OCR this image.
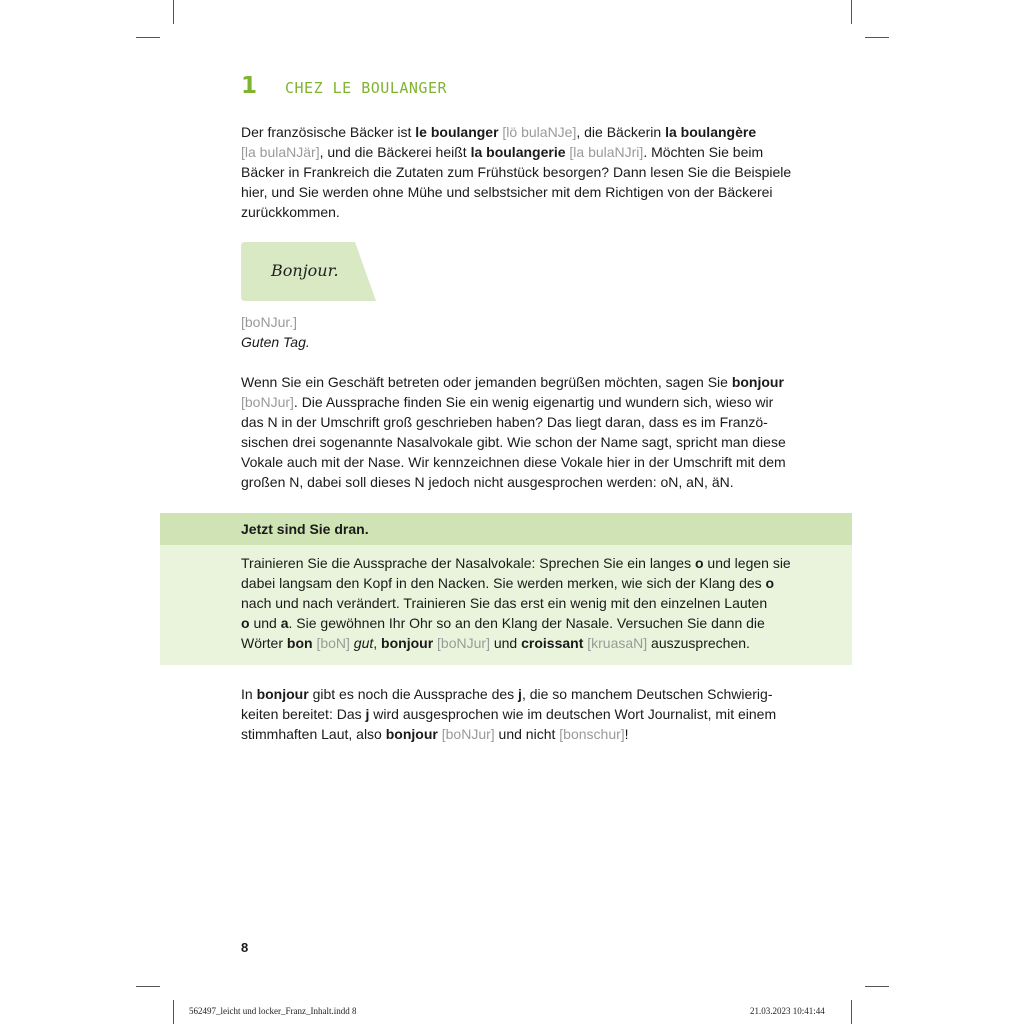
1	CHEZ LE BOULANGER

Der französische Bäcker ist le boulanger [lö bulaNJe], die Bäckerin la boulangère

[la bulaNJär], und die Bäckerei heißt la boulangerie [la bulaNJri]. Möchten Sie beim

Bäcker in Frankreich die Zutaten zum Frühstück besorgen? Dann lesen Sie die Beispiele

hier, und Sie werden ohne Mühe und selbstsicher mit dem Richtigen von der Bäckerei

zurückkommen.

Bonjour.

[boNJur.]

Guten Tag.

Wenn Sie ein Geschäft betreten oder jemanden begrüßen möchten, sagen Sie bonjour

[boNJur]. Die Aussprache finden Sie ein wenig eigenartig und wundern sich, wieso wir

das N in der Umschrift groß geschrieben haben? Das liegt daran, dass es im Franzö-

sischen drei sogenannte Nasalvokale gibt. Wie schon der Name sagt, spricht man diese

Vokale auch mit der Nase. Wir kennzeichnen diese Vokale hier in der Umschrift mit dem

großen N, dabei soll dieses N jedoch nicht ausgesprochen werden: oN, aN, äN.

Jetzt sind Sie dran.

Trainieren Sie die Aussprache der Nasalvokale: Sprechen Sie ein langes o und legen sie

dabei langsam den Kopf in den Nacken. Sie werden merken, wie sich der Klang des o

nach und nach verändert. Trainieren Sie das erst ein wenig mit den einzelnen Lauten

o und a. Sie gewöhnen Ihr Ohr so an den Klang der Nasale. Versuchen Sie dann die

Wörter bon [boN] gut, bonjour [boNJur] und croissant [kruasaN] auszusprechen.

In bonjour gibt es noch die Aussprache des j, die so manchem Deutschen Schwierig-

keiten bereitet: Das j wird ausgesprochen wie im deutschen Wort Journalist, mit einem

stimmhaften Laut, also bonjour [boNJur] und nicht [bonschur]!

8
562497_leicht und locker_Franz_Inhalt.indd 8	21.03.2023 10:41:44
